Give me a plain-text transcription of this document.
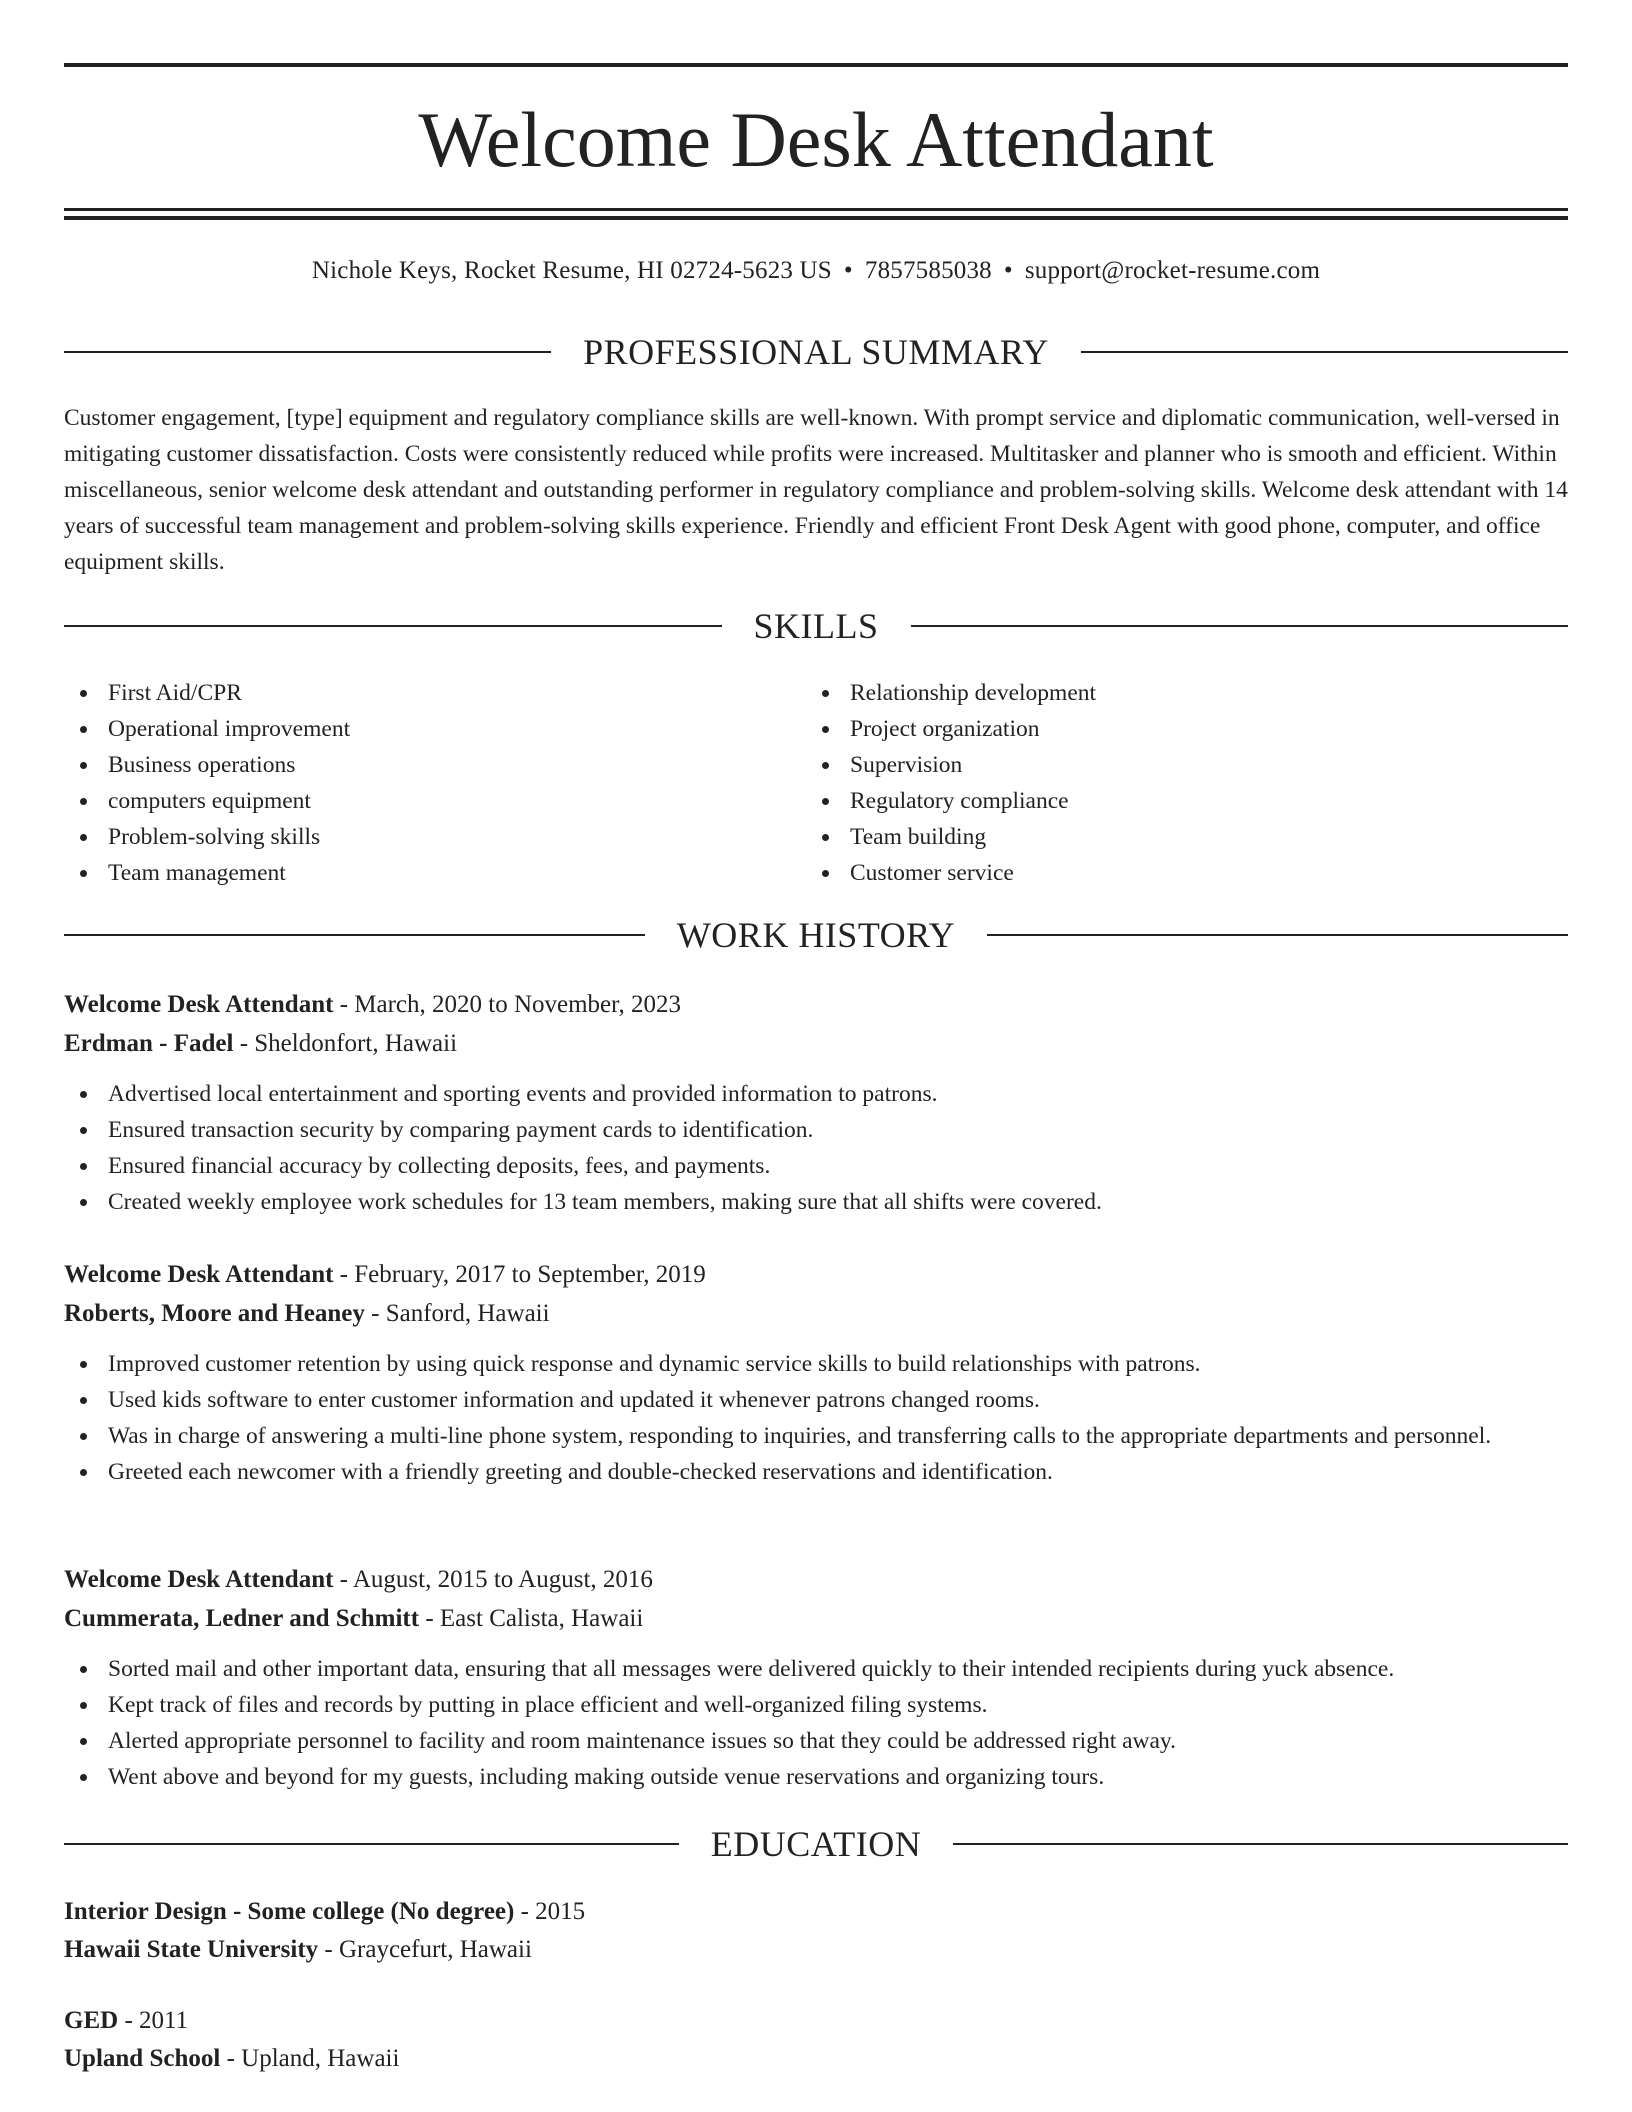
Welcome Desk Attendant
Nichole Keys, Rocket Resume, HI 02724-5623 US • 7857585038 • support@rocket-resume.com
PROFESSIONAL SUMMARY

Customer engagement, [type] equipment and regulatory compliance skills are well-known. With prompt service and diplomatic communication, well-versed in mitigating customer dissatisfaction. Costs were consistently reduced while profits were increased. Multitasker and planner who is smooth and efficient. Within miscellaneous, senior welcome desk attendant and outstanding performer in regulatory compliance and problem-solving skills. Welcome desk attendant with 14 years of successful team management and problem-solving skills experience. Friendly and efficient Front Desk Agent with good phone, computer, and office equipment skills.

SKILLS
First Aid/CPR
Operational improvement
Business operations
computers equipment
Problem-solving skills
Team management
Relationship development
Project organization
Supervision
Regulatory compliance
Team building
Customer service
WORK HISTORY
Welcome Desk Attendant - March, 2020 to November, 2023
Erdman - Fadel - Sheldonfort, Hawaii
Advertised local entertainment and sporting events and provided information to patrons.
Ensured transaction security by comparing payment cards to identification.
Ensured financial accuracy by collecting deposits, fees, and payments.
Created weekly employee work schedules for 13 team members, making sure that all shifts were covered.
Welcome Desk Attendant - February, 2017 to September, 2019
Roberts, Moore and Heaney - Sanford, Hawaii
Improved customer retention by using quick response and dynamic service skills to build relationships with patrons.
Used kids software to enter customer information and updated it whenever patrons changed rooms.
Was in charge of answering a multi-line phone system, responding to inquiries, and transferring calls to the appropriate departments and personnel.
Greeted each newcomer with a friendly greeting and double-checked reservations and identification.
Welcome Desk Attendant - August, 2015 to August, 2016
Cummerata, Ledner and Schmitt - East Calista, Hawaii
Sorted mail and other important data, ensuring that all messages were delivered quickly to their intended recipients during yuck absence.
Kept track of files and records by putting in place efficient and well-organized filing systems.
Alerted appropriate personnel to facility and room maintenance issues so that they could be addressed right away.
Went above and beyond for my guests, including making outside venue reservations and organizing tours.
EDUCATION
Interior Design - Some college (No degree) - 2015
Hawaii State University - Graycefurt, Hawaii
GED - 2011
Upland School - Upland, Hawaii
